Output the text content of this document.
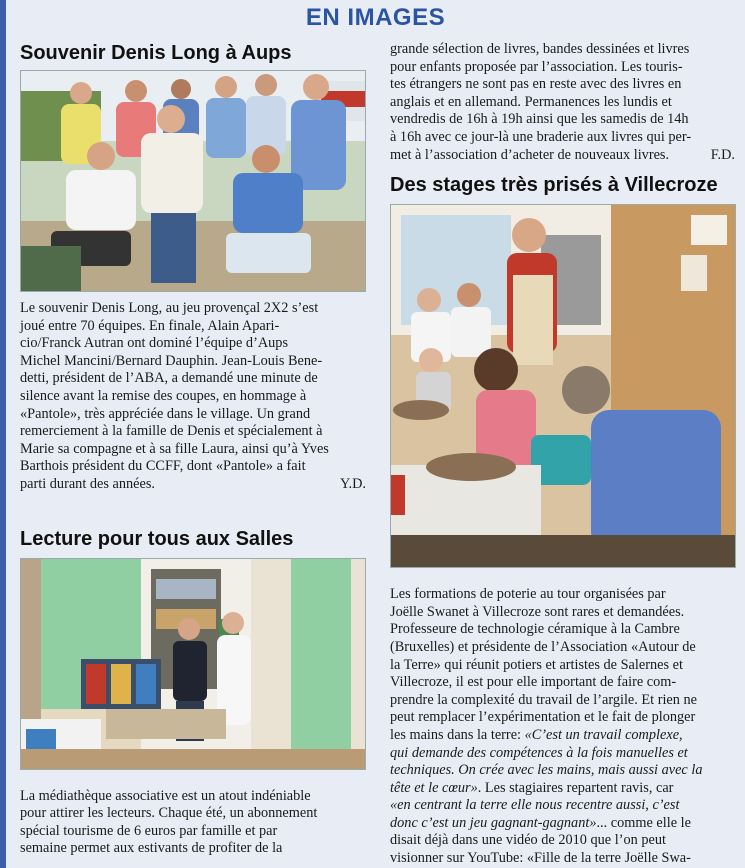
EN IMAGES
Souvenir Denis Long à Aups

Le souvenir Denis Long, au jeu provençal 2X2 s’est
joué entre 70 équipes. En finale, Alain Apari-
cio/Franck Autran ont dominé l’équipe d’Aups
Michel Mancini/Bernard Dauphin. Jean-Louis Bene-
detti, président de l’ABA, a demandé une minute de
silence avant la remise des coupes, en hommage à
«Pantole», très appréciée dans le village. Un grand
remerciement à la famille de Denis et spécialement à
Marie sa compagne et à sa fille Laura, ainsi qu’à Yves
Barthois président du CCFF, dont «Pantole» a fait
parti durant des années.	Y.D.

Lecture pour tous aux Salles

La médiathèque associative est un atout indéniable
pour attirer les lecteurs. Chaque été, un abonnement
spécial tourisme de 6 euros par famille et par
semaine permet aux estivants de profiter de la

grande sélection de livres, bandes dessinées et livres
pour enfants proposée par l’association. Les touris-
tes étrangers ne sont pas en reste avec des livres en
anglais et en allemand. Permanences les lundis et
vendredis de 16h à 19h ainsi que les samedis de 14h
à 16h avec ce jour-là une braderie aux livres qui per-
met à l’association d’acheter de nouveaux livres.	F.D.

Des stages très prisés à Villecroze

Les formations de poterie au tour organisées par
Joëlle Swanet à Villecroze sont rares et demandées.
Professeure de technologie céramique à la Cambre
(Bruxelles) et présidente de l’Association «Autour de
la Terre» qui réunit potiers et artistes de Salernes et
Villecroze, il est pour elle important de faire com-
prendre la complexité du travail de l’argile. Et rien ne
peut remplacer l’expérimentation et le fait de plonger
les mains dans la terre: «C’est un travail complexe,
qui demande des compétences à la fois manuelles et
techniques. On crée avec les mains, mais aussi avec la
tête et le cœur». Les stagiaires repartent ravis, car
«en centrant la terre elle nous recentre aussi, c’est
donc c’est un jeu gagnant-gagnant»... comme elle le
disait déjà dans une vidéo de 2010 que l’on peut
visionner sur YouTube: «Fille de la terre Joëlle Swa-
